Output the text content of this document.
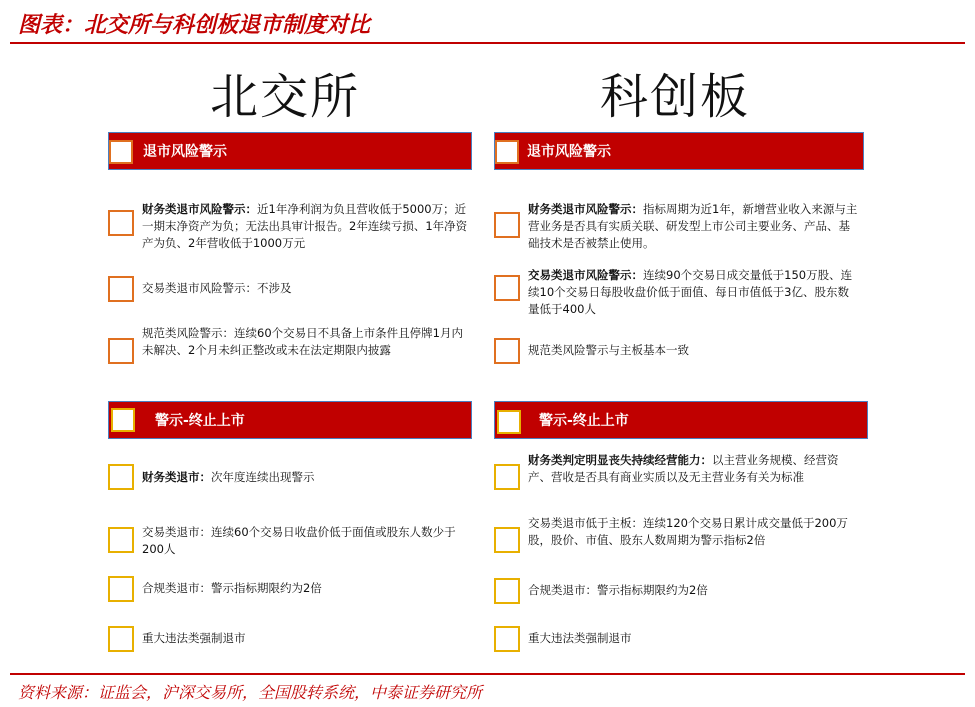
图表：北交所与科创板退市制度对比
北交所	科创板
退市风险警示
财务类退市风险警示：近1年净利润为负且营收低于5000万；近一期末净资产为负；无法出具审计报告。2年连续亏损、1年净资产为负、2年营收低于1000万元
交易类退市风险警示：不涉及
规范类风险警示：连续60个交易日不具备上市条件且停牌1月内未解决、2个月未纠正整改或未在法定期限内披露
警示-终止上市
财务类退市：次年度连续出现警示
交易类退市：连续60个交易日收盘价低于面值或股东人数少于200人
合规类退市：警示指标期限约为2倍
重大违法类强制退市
退市风险警示
财务类退市风险警示：指标周期为近1年，新增营业收入来源与主营业务是否具有实质关联、研发型上市公司主要业务、产品、基础技术是否被禁止使用。
交易类退市风险警示：连续90个交易日成交量低于150万股、连续10个交易日每股收盘价低于面值、每日市值低于3亿、股东数量低于400人
规范类风险警示与主板基本一致
警示-终止上市
财务类判定明显丧失持续经营能力：以主营业务规模、经营资产、营收是否具有商业实质以及无主营业务有关为标准
交易类退市低于主板：连续120个交易日累计成交量低于200万股，股价、市值、股东人数周期为警示指标2倍
合规类退市：警示指标期限约为2倍
重大违法类强制退市
资料来源：证监会，沪深交易所，全国股转系统，中泰证券研究所
